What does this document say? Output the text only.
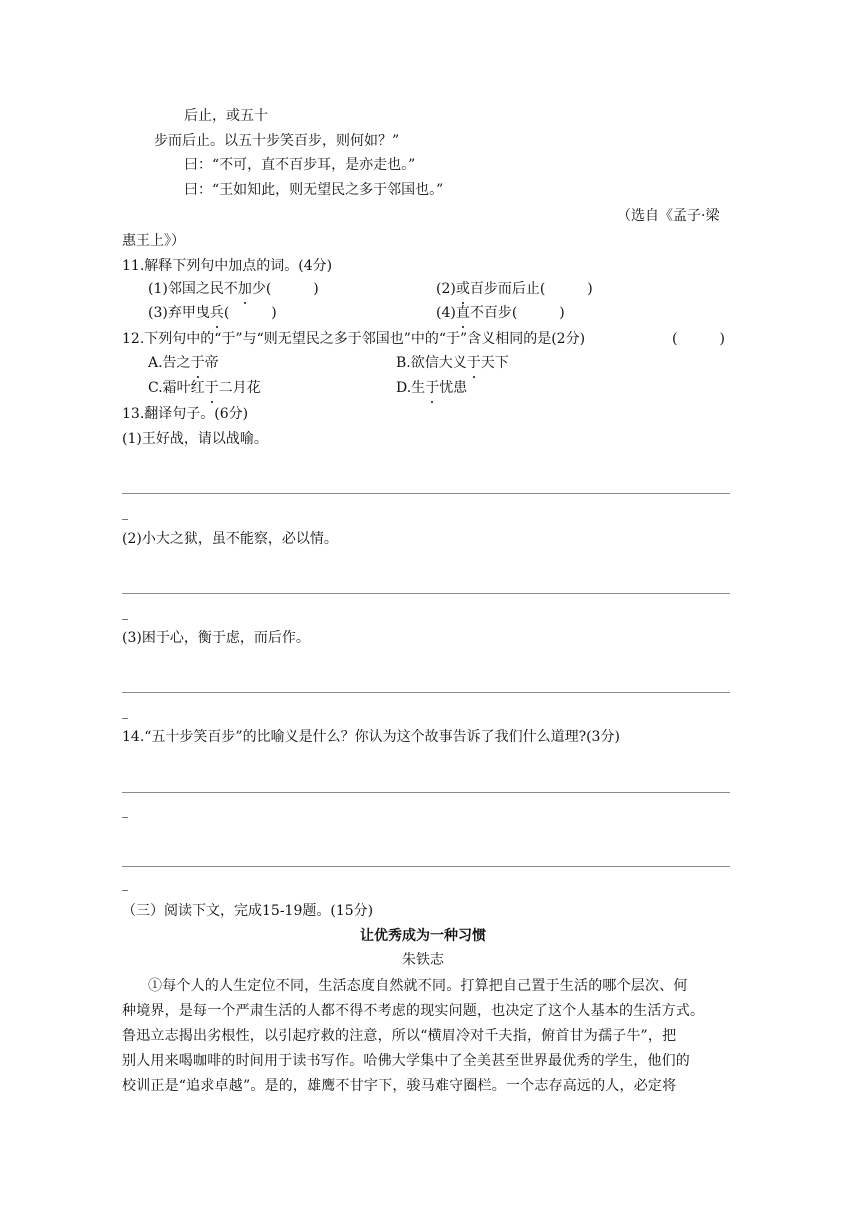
后止，或五十
步而后止。以五十步笑百步，则何如？”
曰：“不可，直不百步耳，是亦走也。”
曰：“王如知此，则无望民之多于邻国也。”
（选自《孟子·梁
惠王上》）
11.解释下列句中加点的词。(4分)
(1)邻国之民不加少(　　　)	(2)或百步而后止(　　　)
(3)弃甲曳兵(　　　)	(4)直不百步(　　　)
12.下列句中的“于”与“则无望民之多于邻国也”中的“于”含义相同的是(2分)	(　　　)
A.告之于帝	B.欲信大义于天下
C.霜叶红于二月花	D.生于忧患
13.翻译句子。(6分)
(1)王好战，请以战喻。
(2)小大之狱，虽不能察，必以情。
(3)困于心，衡于虑，而后作。
14.“五十步笑百步”的比喻义是什么？你认为这个故事告诉了我们什么道理?(3分)
（三）阅读下文，完成15-19题。(15分)
让优秀成为一种习惯
朱铁志
①每个人的人生定位不同，生活态度自然就不同。打算把自己置于生活的哪个层次、何
种境界，是每一个严肃生活的人都不得不考虑的现实问题，也决定了这个人基本的生活方式。
鲁迅立志揭出劣根性，以引起疗救的注意，所以“横眉冷对千夫指，俯首甘为孺子牛”，把
别人用来喝咖啡的时间用于读书写作。哈佛大学集中了全美甚至世界最优秀的学生，他们的
校训正是“追求卓越”。是的，雄鹰不甘宇下，骏马难守圈栏。一个志存高远的人，必定将
